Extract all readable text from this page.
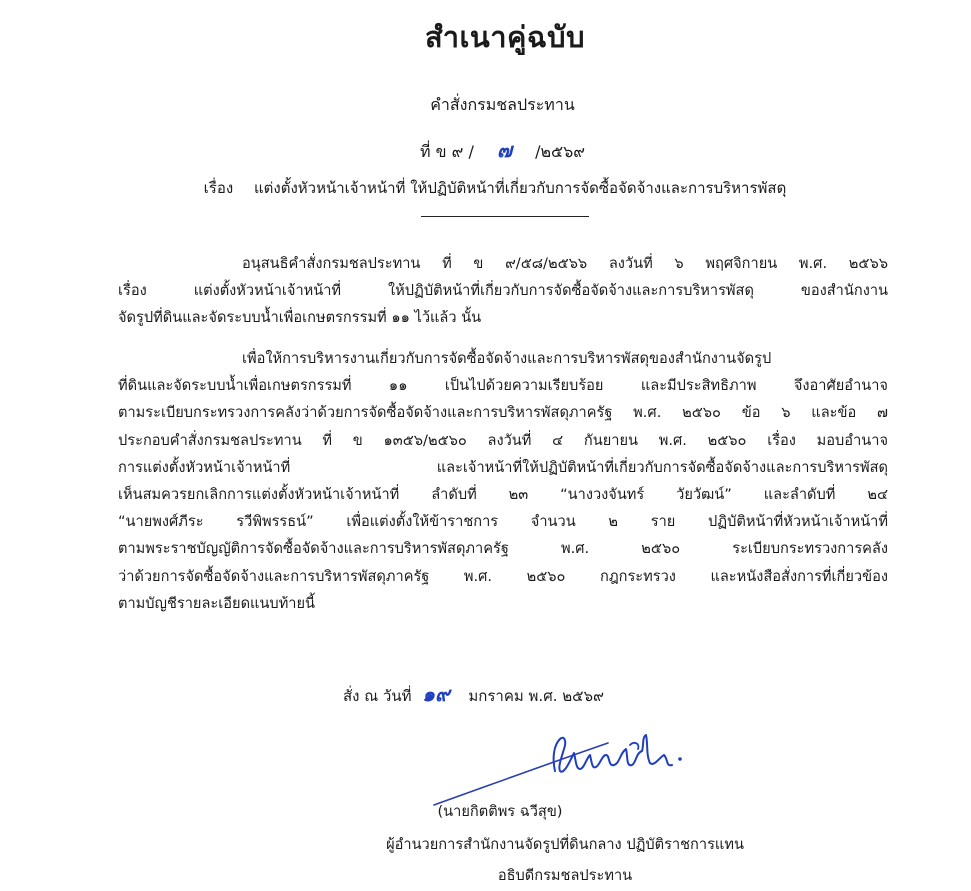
สำเนาคู่ฉบับ
คำสั่งกรมชลประทาน
ที่ ข ๙ / ๗ /๒๕๖๙
เรื่อง แต่งตั้งหัวหน้าเจ้าหน้าที่ ให้ปฏิบัติหน้าที่เกี่ยวกับการจัดซื้อจัดจ้างและการบริหารพัสดุ
อนุสนธิคำสั่งกรมชลประทาน ที่ ข ๙/๕๘/๒๕๖๖ ลงวันที่ ๖ พฤศจิกายน พ.ศ. ๒๕๖๖
เรื่อง แต่งตั้งหัวหน้าเจ้าหน้าที่ ให้ปฏิบัติหน้าที่เกี่ยวกับการจัดซื้อจัดจ้างและการบริหารพัสดุ ของสำนักงาน
จัดรูปที่ดินและจัดระบบน้ำเพื่อเกษตรกรรมที่ ๑๑ ไว้แล้ว นั้น
เพื่อให้การบริหารงานเกี่ยวกับการจัดซื้อจัดจ้างและการบริหารพัสดุของสำนักงานจัดรูป
ที่ดินและจัดระบบน้ำเพื่อเกษตรกรรมที่ ๑๑ เป็นไปด้วยความเรียบร้อย และมีประสิทธิภาพ จึงอาศัยอำนาจ
ตามระเบียบกระทรวงการคลังว่าด้วยการจัดซื้อจัดจ้างและการบริหารพัสดุภาครัฐ พ.ศ. ๒๕๖๐ ข้อ ๖ และข้อ ๗
ประกอบคำสั่งกรมชลประทาน ที่ ข ๑๓๕๖/๒๕๖๐ ลงวันที่ ๔ กันยายน พ.ศ. ๒๕๖๐ เรื่อง มอบอำนาจ
การแต่งตั้งหัวหน้าเจ้าหน้าที่ และเจ้าหน้าที่ให้ปฏิบัติหน้าที่เกี่ยวกับการจัดซื้อจัดจ้างและการบริหารพัสดุ
เห็นสมควรยกเลิกการแต่งตั้งหัวหน้าเจ้าหน้าที่ ลำดับที่ ๒๓ “นางวงจันทร์ วัยวัฒน์” และลำดับที่ ๒๔
“นายพงศ์ภีระ รวีพิพรรธน์” เพื่อแต่งตั้งให้ข้าราชการ จำนวน ๒ ราย ปฏิบัติหน้าที่หัวหน้าเจ้าหน้าที่
ตามพระราชบัญญัติการจัดซื้อจัดจ้างและการบริหารพัสดุภาครัฐ พ.ศ. ๒๕๖๐ ระเบียบกระทรวงการคลัง
ว่าด้วยการจัดซื้อจัดจ้างและการบริหารพัสดุภาครัฐ พ.ศ. ๒๕๖๐ กฎกระทรวง และหนังสือสั่งการที่เกี่ยวข้อง
ตามบัญชีรายละเอียดแนบท้ายนี้
สั่ง ณ วันที่ ๑๙ มกราคม พ.ศ. ๒๕๖๙
(นายกิตติพร ฉวีสุข)
ผู้อำนวยการสำนักงานจัดรูปที่ดินกลาง ปฏิบัติราชการแทน
อธิบดีกรมชลประทาน
